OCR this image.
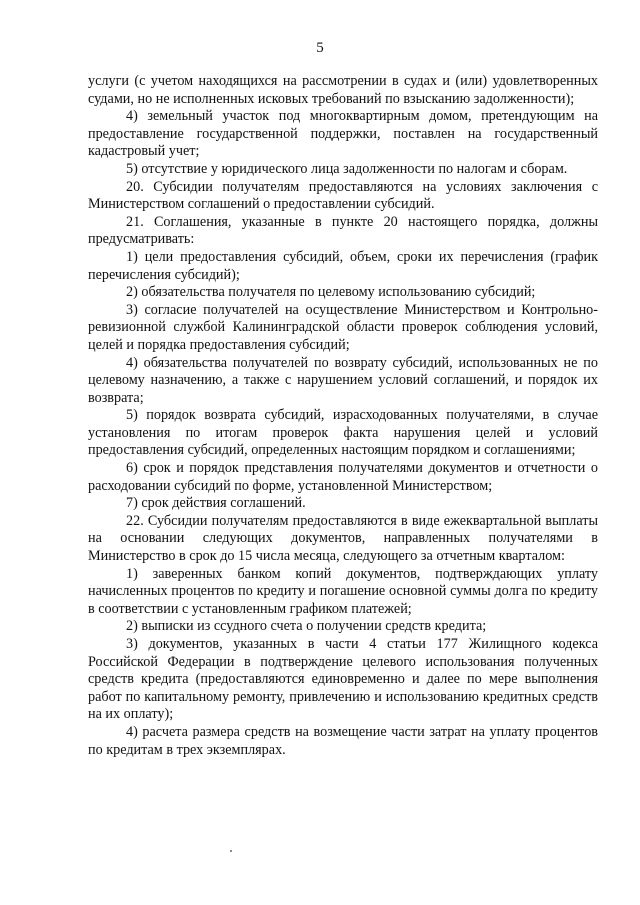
5

услуги (с учетом находящихся на рассмотрении в судах и (или) удовлетворенных судами, но не исполненных исковых требований по взысканию задолженности);

4) земельный участок под многоквартирным домом, претендующим на предоставление государственной поддержки, поставлен на государственный кадастровый учет;

5) отсутствие у юридического лица задолженности по налогам и сборам.

20. Субсидии получателям предоставляются на условиях заключения с Министерством соглашений о предоставлении субсидий.

21. Соглашения, указанные в пункте 20 настоящего порядка, должны предусматривать:

1) цели предоставления субсидий, объем, сроки их перечисления (график перечисления субсидий);

2) обязательства получателя по целевому использованию субсидий;

3) согласие получателей на осуществление Министерством и Контрольно-ревизионной службой Калининградской области проверок соблюдения условий, целей и порядка предоставления субсидий;

4) обязательства получателей по возврату субсидий, использованных не по целевому назначению, а также с нарушением условий соглашений, и порядок их возврата;

5) порядок возврата субсидий, израсходованных получателями, в случае установления по итогам проверок факта нарушения целей и условий предоставления субсидий, определенных настоящим порядком и соглашениями;

6) срок и порядок представления получателями документов и отчетности о расходовании субсидий по форме, установленной Министерством;

7) срок действия соглашений.

22. Субсидии получателям предоставляются в виде ежеквартальной выплаты на основании следующих документов, направленных получателями в Министерство в срок до 15 числа месяца, следующего за отчетным кварталом:

1) заверенных банком копий документов, подтверждающих уплату начисленных процентов по кредиту и погашение основной суммы долга по кредиту в соответствии с установленным графиком платежей;

2) выписки из ссудного счета о получении средств кредита;

3) документов, указанных в части 4 статьи 177 Жилищного кодекса Российской Федерации в подтверждение целевого использования полученных средств кредита (предоставляются единовременно и далее по мере выполнения работ по капитальному ремонту, привлечению и использованию кредитных средств на их оплату);

4) расчета размера средств на возмещение части затрат на уплату процентов по кредитам в трех экземплярах.
